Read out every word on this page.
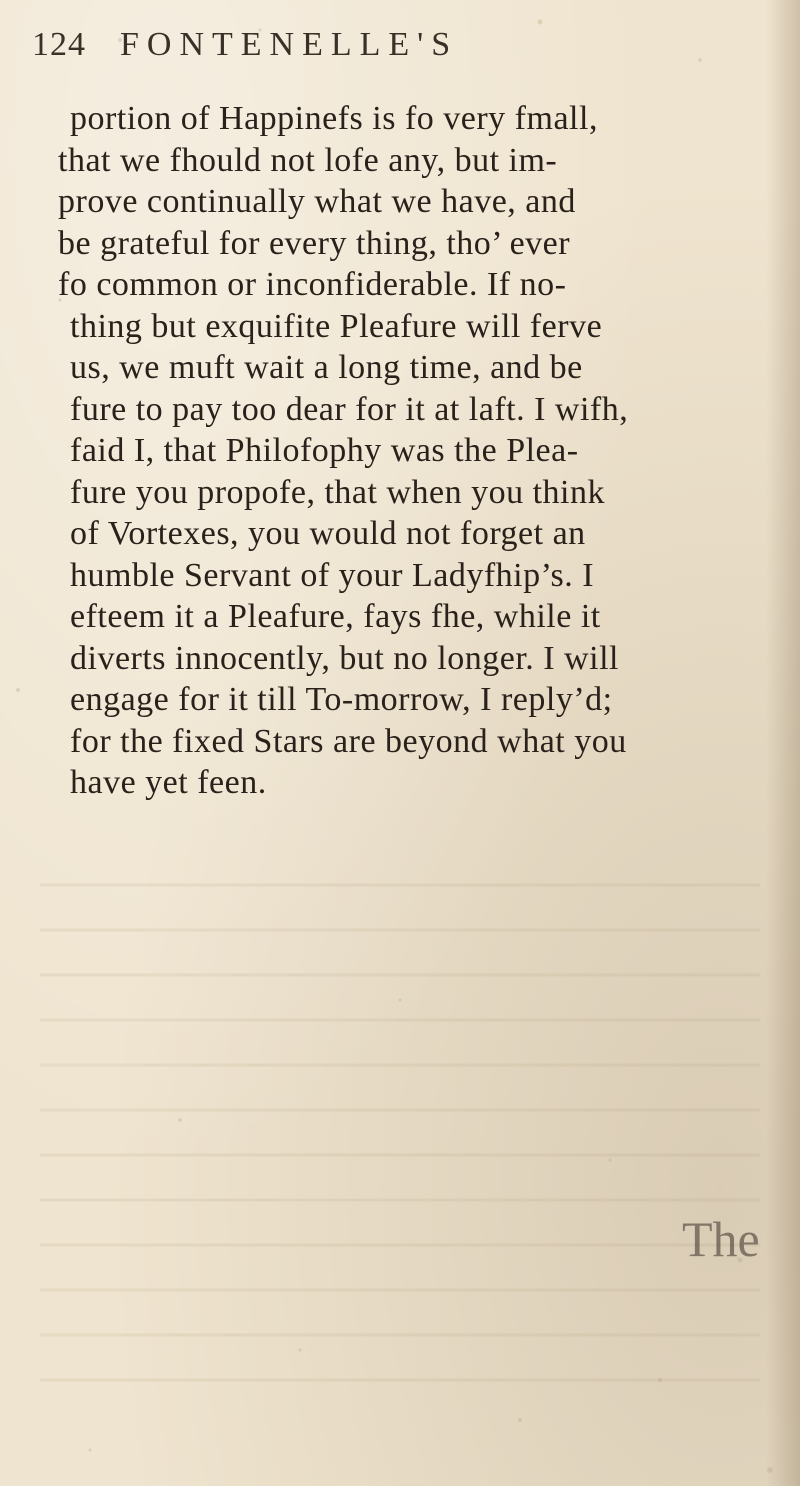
124 FONTENELLE'S
portion of Happinefs is fo very fmall,
that we fhould not lofe any, but im-
prove continually what we have, and
be grateful for every thing, tho’ ever
fo common or inconfiderable. If no-
thing but exquifite Pleafure will ferve
us, we muft wait a long time, and be
fure to pay too dear for it at laft. I wifh,
faid I, that Philofophy was the Plea-
fure you propofe, that when you think
of Vortexes, you would not forget an
humble Servant of your Ladyfhip’s. I
efteem it a Pleafure, fays fhe, while it
diverts innocently, but no longer. I will
engage for it till To-morrow, I reply’d;
for the fixed Stars are beyond what you
have yet feen.
The
